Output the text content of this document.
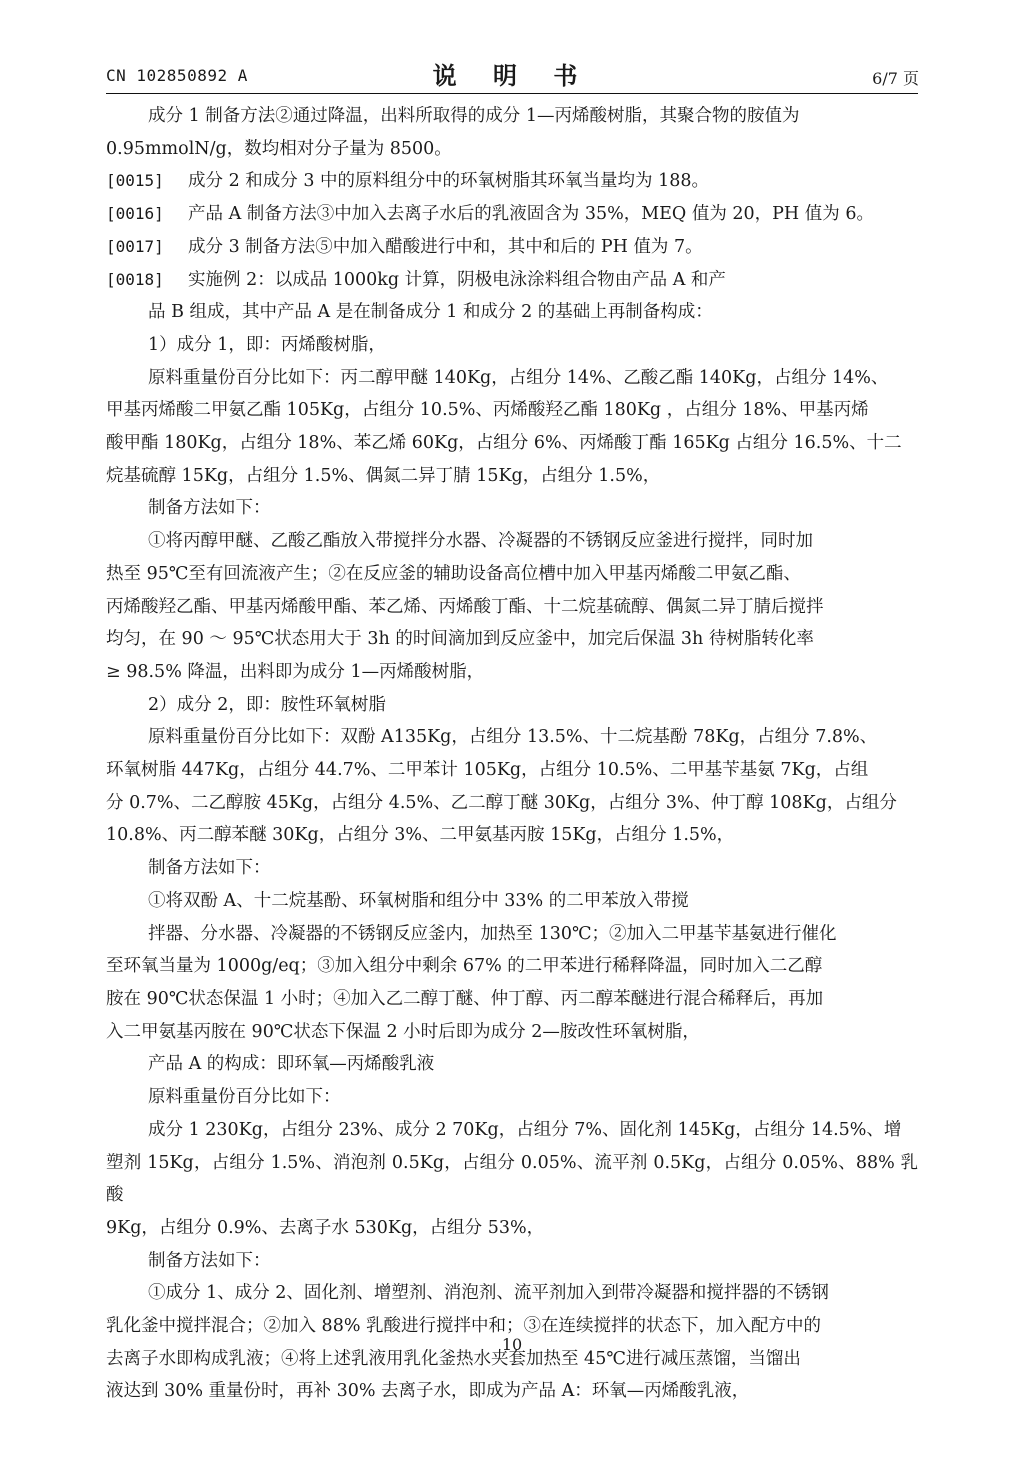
CN 102850892 A	说 明 书	6/7 页
成分 1 制备方法②通过降温，出料所取得的成分 1—丙烯酸树脂，其聚合物的胺值为
0.95mmolN/g，数均相对分子量为 8500。
[0015] 成分 2 和成分 3 中的原料组分中的环氧树脂其环氧当量均为 188。
[0016] 产品 A 制备方法③中加入去离子水后的乳液固含为 35%，MEQ 值为 20，PH 值为 6。
[0017] 成分 3 制备方法⑤中加入醋酸进行中和，其中和后的 PH 值为 7。
[0018] 实施例 2：以成品 1000kg 计算，阴极电泳涂料组合物由产品 A 和产
品 B 组成，其中产品 A 是在制备成分 1 和成分 2 的基础上再制备构成：
1）成分 1，即：丙烯酸树脂，
原料重量份百分比如下：丙二醇甲醚 140Kg，占组分 14%、乙酸乙酯 140Kg，占组分 14%、
甲基丙烯酸二甲氨乙酯 105Kg，占组分 10.5%、丙烯酸羟乙酯 180Kg ，占组分 18%、甲基丙烯
酸甲酯 180Kg，占组分 18%、苯乙烯 60Kg，占组分 6%、丙烯酸丁酯 165Kg 占组分 16.5%、十二
烷基硫醇 15Kg，占组分 1.5%、偶氮二异丁腈 15Kg，占组分 1.5%，
制备方法如下：
①将丙醇甲醚、乙酸乙酯放入带搅拌分水器、冷凝器的不锈钢反应釜进行搅拌，同时加
热至 95℃至有回流液产生；②在反应釜的辅助设备高位槽中加入甲基丙烯酸二甲氨乙酯、
丙烯酸羟乙酯、甲基丙烯酸甲酯、苯乙烯、丙烯酸丁酯、十二烷基硫醇、偶氮二异丁腈后搅拌
均匀，在 90 ～ 95℃状态用大于 3h 的时间滴加到反应釜中，加完后保温 3h 待树脂转化率
≥ 98.5% 降温，出料即为成分 1—丙烯酸树脂，
2）成分 2，即：胺性环氧树脂
原料重量份百分比如下：双酚 A135Kg，占组分 13.5%、十二烷基酚 78Kg，占组分 7.8%、
环氧树脂 447Kg，占组分 44.7%、二甲苯计 105Kg，占组分 10.5%、二甲基苄基氨 7Kg，占组
分 0.7%、二乙醇胺 45Kg，占组分 4.5%、乙二醇丁醚 30Kg，占组分 3%、仲丁醇 108Kg，占组分
10.8%、丙二醇苯醚 30Kg，占组分 3%、二甲氨基丙胺 15Kg，占组分 1.5%，
制备方法如下：
①将双酚 A、十二烷基酚、环氧树脂和组分中 33% 的二甲苯放入带搅
拌器、分水器、冷凝器的不锈钢反应釜内，加热至 130℃；②加入二甲基苄基氨进行催化
至环氧当量为 1000g/eq；③加入组分中剩余 67% 的二甲苯进行稀释降温，同时加入二乙醇
胺在 90℃状态保温 1 小时；④加入乙二醇丁醚、仲丁醇、丙二醇苯醚进行混合稀释后，再加
入二甲氨基丙胺在 90℃状态下保温 2 小时后即为成分 2—胺改性环氧树脂，
产品 A 的构成：即环氧—丙烯酸乳液
原料重量份百分比如下：
成分 1 230Kg，占组分 23%、成分 2 70Kg，占组分 7%、固化剂 145Kg，占组分 14.5%、增
塑剂 15Kg，占组分 1.5%、消泡剂 0.5Kg，占组分 0.05%、流平剂 0.5Kg，占组分 0.05%、88% 乳酸
9Kg，占组分 0.9%、去离子水 530Kg，占组分 53%，
制备方法如下：
①成分 1、成分 2、固化剂、增塑剂、消泡剂、流平剂加入到带冷凝器和搅拌器的不锈钢
乳化釜中搅拌混合；②加入 88% 乳酸进行搅拌中和；③在连续搅拌的状态下，加入配方中的
去离子水即构成乳液；④将上述乳液用乳化釜热水夹套加热至 45℃进行减压蒸馏，当馏出
液达到 30% 重量份时，再补 30% 去离子水，即成为产品 A：环氧—丙烯酸乳液，
10
